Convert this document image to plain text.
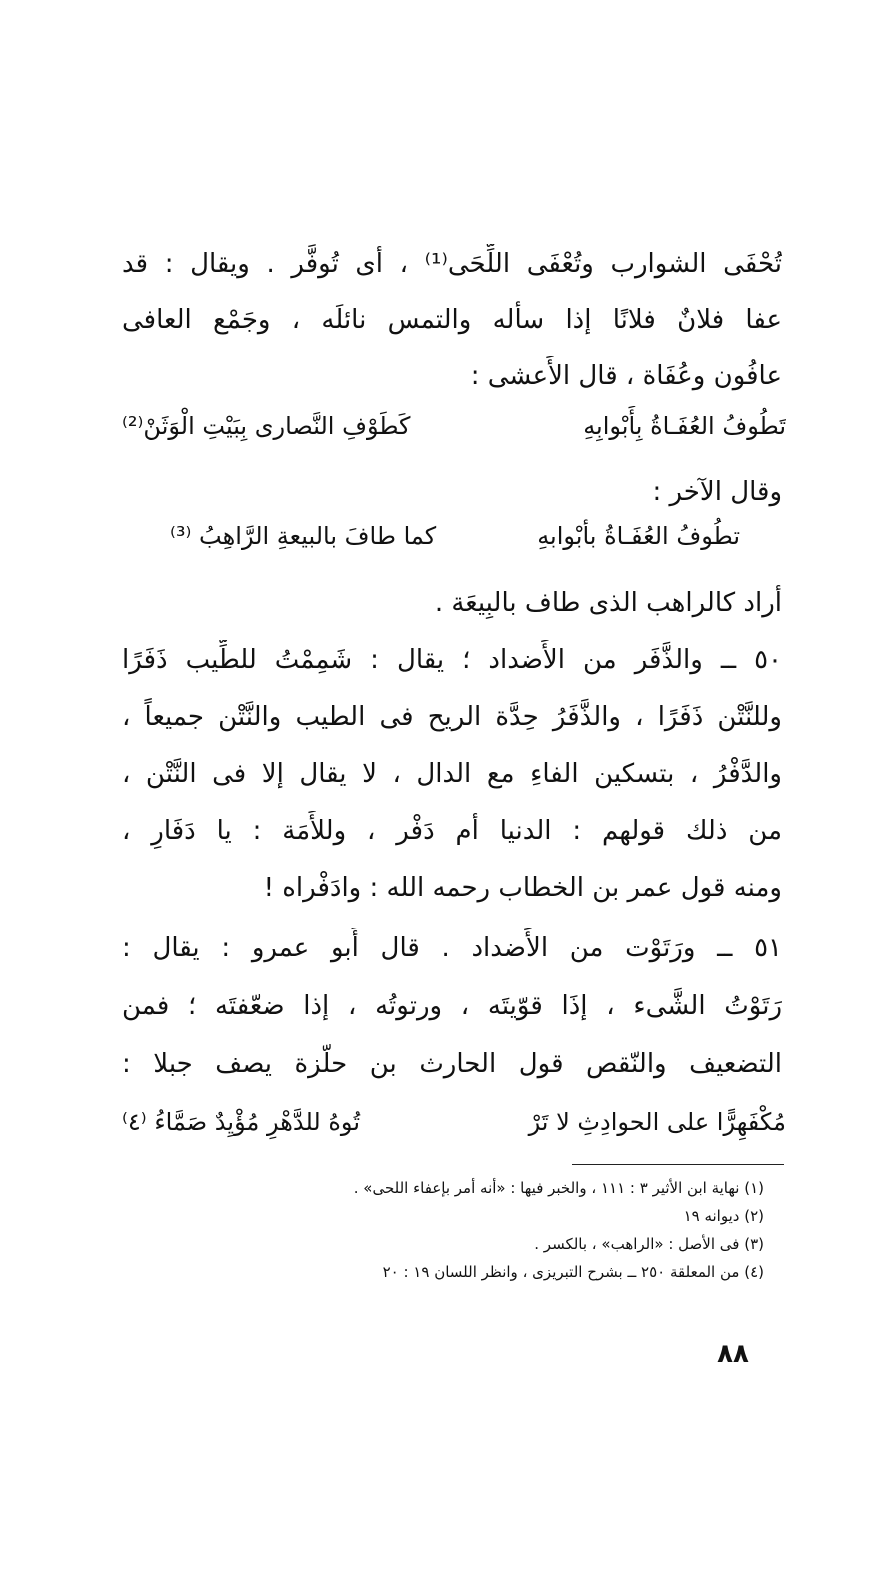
تُحْفَى الشوارب وتُعْفَى اللِّحَى⁽¹⁾ ، أى تُوفَّر . ويقال : قد
عفا فلانٌ فلانًا إذا سأله والتمس نائلَه ، وجَمْع العافى
عافُون وعُفَاة ، قال الأَعشى :
تَطُوفُ العُفَـاةُ بِأَبْوابِهِ
كَطَوْفِ النَّصارى بِبَيْتِ الْوَثَنْ⁽²⁾
وقال الآخر :
تطُوفُ العُفَـاةُ بأبْوابهِ
كما طافَ بالبيعةِ الرَّاهِبُ ⁽³⁾
أراد كالراهب الذى طاف بالبِيعَة .
٥٠ ــ والذَّفَر من الأَضداد ؛ يقال : شَمِمْتُ للطِّيب ذَفَرًا
وللنَّتْن ذَفَرًا ، والذَّفَرُ حِدَّة الريح فى الطيب والنَّتْن جميعاً ،
والدَّفْرُ ، بتسكين الفاءِ مع الدال ، لا يقال إلا فى النَّتْن ،
من ذلك قولهم : الدنيا أم دَفْر ، وللأَمَة : يا دَفَارِ ،
ومنه قول عمر بن الخطاب رحمه الله : وادَفْراه !
٥١ ــ ورَتَوْت من الأَضداد . قال أَبو عمرو : يقال :
رَتَوْتُ الشَّىء ، إذَا قوّيتَه ، ورتوتُه ، إذا ضعّفتَه ؛ فمن
التضعيف والنّقص قول الحارث بن حلّزة يصف جبلا :
مُكْفَهِرًّا على الحوادِثِ لا تَرْ
تُوهُ للدَّهْرِ مُؤْيِدٌ صَمَّاءُ ⁽٤⁾
(١) نهاية ابن الأثير ٣ : ١١١ ، والخبر فيها : «أنه أمر بإعفاء اللحى» .
(٢) ديوانه ١٩
(٣) فى الأصل : «الراهب» ، بالكسر .
(٤) من المعلقة ٢٥٠ ــ بشرح التبريزى ، وانظر اللسان ١٩ : ٢٠
٨٨
